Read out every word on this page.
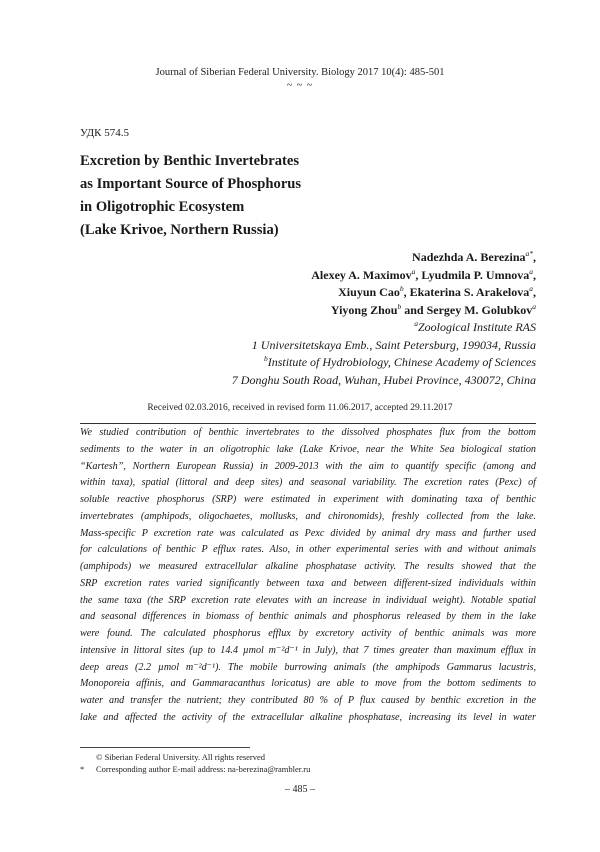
Journal of Siberian Federal University. Biology 2017 10(4): 485-501
~ ~ ~
УДК 574.5
Excretion by Benthic Invertebrates
as Important Source of Phosphorus
in Oligotrophic Ecosystem
(Lake Krivoe, Northern Russia)
Nadezhda A. Berezina$^{a*}$,
Alexey A. Maximov$^a$, Lyudmila P. Umnova$^a$,
Xiuyun Cao$^b$, Ekaterina S. Arakelova$^a$,
Yiyong Zhou$^b$ and Sergey M. Golubkov$^a$
$^a$Zoological Institute RAS
1 Universitetskaya Emb., Saint Petersburg, 199034, Russia
$^b$Institute of Hydrobiology, Chinese Academy of Sciences
7 Donghu South Road, Wuhan, Hubei Province, 430072, China
Received 02.03.2016, received in revised form 11.06.2017, accepted 29.11.2017
We studied contribution of benthic invertebrates to the dissolved phosphates flux from the bottom
sediments to the water in an oligotrophic lake (Lake Krivoe, near the White Sea biological station
“Kartesh”, Northern European Russia) in 2009-2013 with the aim to quantify specific (among and
within taxa), spatial (littoral and deep sites) and seasonal variability. The excretion rates (Pexc) of
soluble reactive phosphorus (SRP) were estimated in experiment with dominating taxa of benthic
invertebrates (amphipods, oligochaetes, mollusks, and chironomids), freshly collected from the lake.
Mass-specific P excretion rate was calculated as Pexc divided by animal dry mass and further used
for calculations of benthic P efflux rates. Also, in other experimental series with and without animals
(amphipods) we measured extracellular alkaline phosphatase activity. The results showed that the
SRP excretion rates varied significantly between taxa and between different-sized individuals within
the same taxa (the SRP excretion rate elevates with an increase in individual weight). Notable spatial
and seasonal differences in biomass of benthic animals and phosphorus released by them in the lake
were found. The calculated phosphorus efflux by excretory activity of benthic animals was more
intensive in littoral sites (up to 14.4 µmol m⁻²d⁻¹ in July), that 7 times greater than maximum efflux in
deep areas (2.2 µmol m⁻²d⁻¹). The mobile burrowing animals (the amphipods Gammarus lacustris,
Monoporeia affinis, and Gammaracanthus loricatus) are able to move from the bottom sediments to
water and transfer the nutrient; they contributed 80 % of P flux caused by benthic excretion in the
lake and affected the activity of the extracellular alkaline phosphatase, increasing its level in water
© Siberian Federal University. All rights reserved
* Corresponding author E-mail address: na-berezina@rambler.ru
– 485 –
